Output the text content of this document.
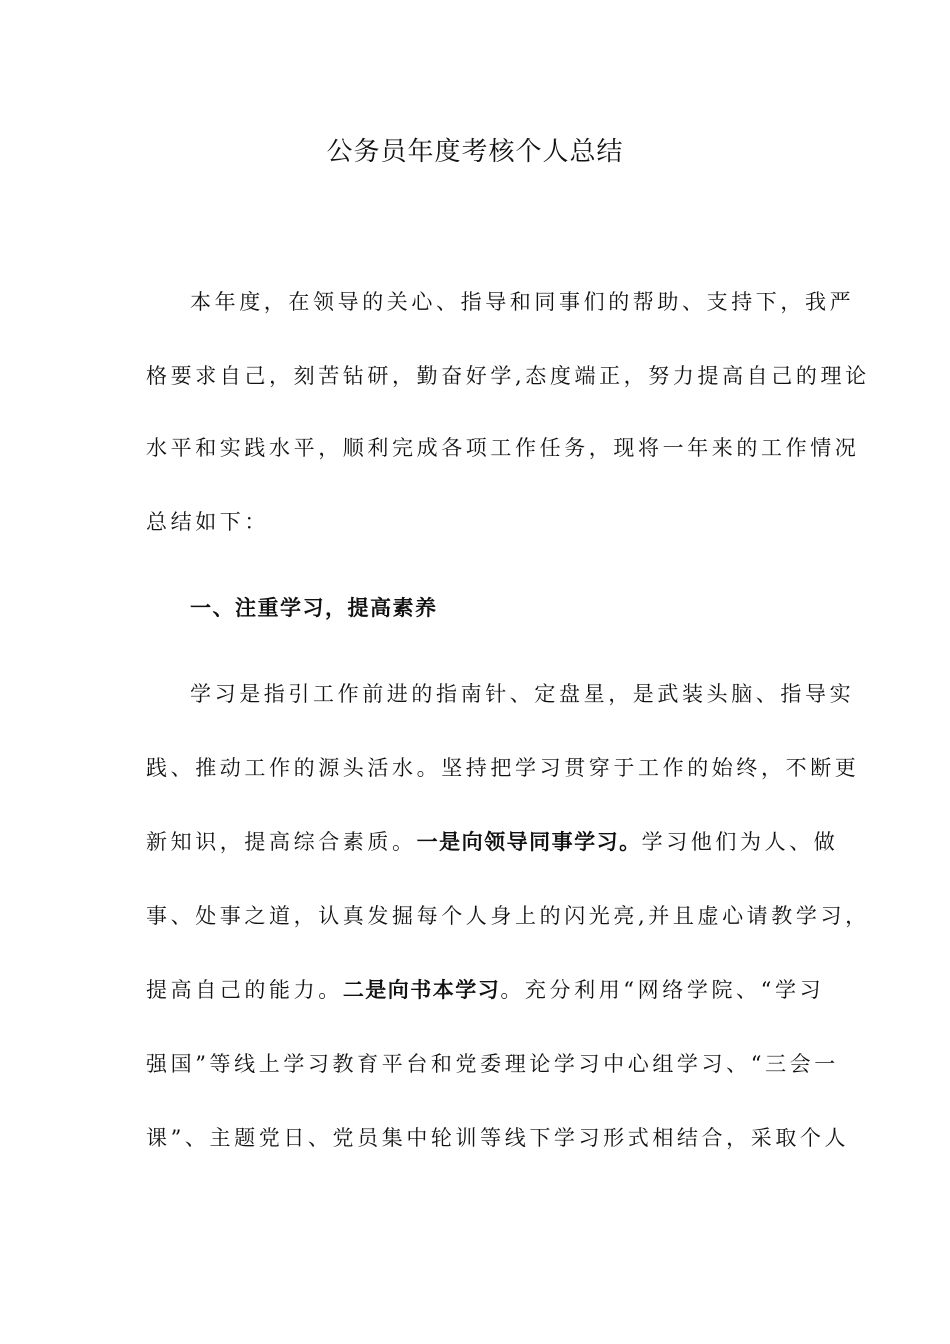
公务员年度考核个人总结
本年度，在领导的关心、指导和同事们的帮助、支持下，我严
格要求自己，刻苦钻研，勤奋好学,态度端正，努力提高自己的理论
水平和实践水平，顺利完成各项工作任务，现将一年来的工作情况
总结如下：
一、注重学习，提高素养
学习是指引工作前进的指南针、定盘星，是武装头脑、指导实
践、推动工作的源头活水。坚持把学习贯穿于工作的始终，不断更
新知识，提高综合素质。一是向领导同事学习。学习他们为人、做
事、处事之道，认真发掘每个人身上的闪光亮,并且虚心请教学习，
提高自己的能力。二是向书本学习。充分利用“网络学院、“学习
强国”等线上学习教育平台和党委理论学习中心组学习、“三会一
课”、主题党日、党员集中轮训等线下学习形式相结合，采取个人
